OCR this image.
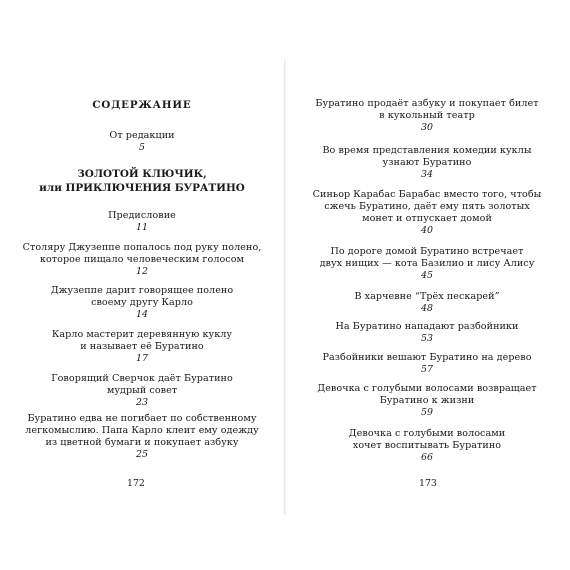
СОДЕРЖАНИЕ
От редакции
5
ЗОЛОТОЙ КЛЮЧИК,
или ПРИКЛЮЧЕНИЯ БУРАТИНО
Предисловие
11
Столяру Джузеппе попалось под руку полено,
которое пищало человеческим голосом
12
Джузеппе дарит говорящее полено
своему другу Карло
14
Карло мастерит деревянную куклу
и называет её Буратино
17
Говорящий Сверчок даёт Буратино
мудрый совет
23
Буратино едва не погибает по собственному
легкомыслию. Папа Карло клеит ему одежду
из цветной бумаги и покупает азбуку
25
172
Буратино продаёт азбуку и покупает билет
в кукольный театр
30
Во время представления комедии куклы
узнают Буратино
34
Синьор Карабас Барабас вместо того, чтобы
сжечь Буратино, даёт ему пять золотых
монет и отпускает домой
40
По дороге домой Буратино встречает
двух нищих — кота Базилио и лису Алису
45
В харчевне “Трёх пескарей”
48
На Буратино нападают разбойники
53
Разбойники вешают Буратино на дерево
57
Девочка с голубыми волосами возвращает
Буратино к жизни
59
Девочка с голубыми волосами
хочет воспитывать Буратино
66
173
